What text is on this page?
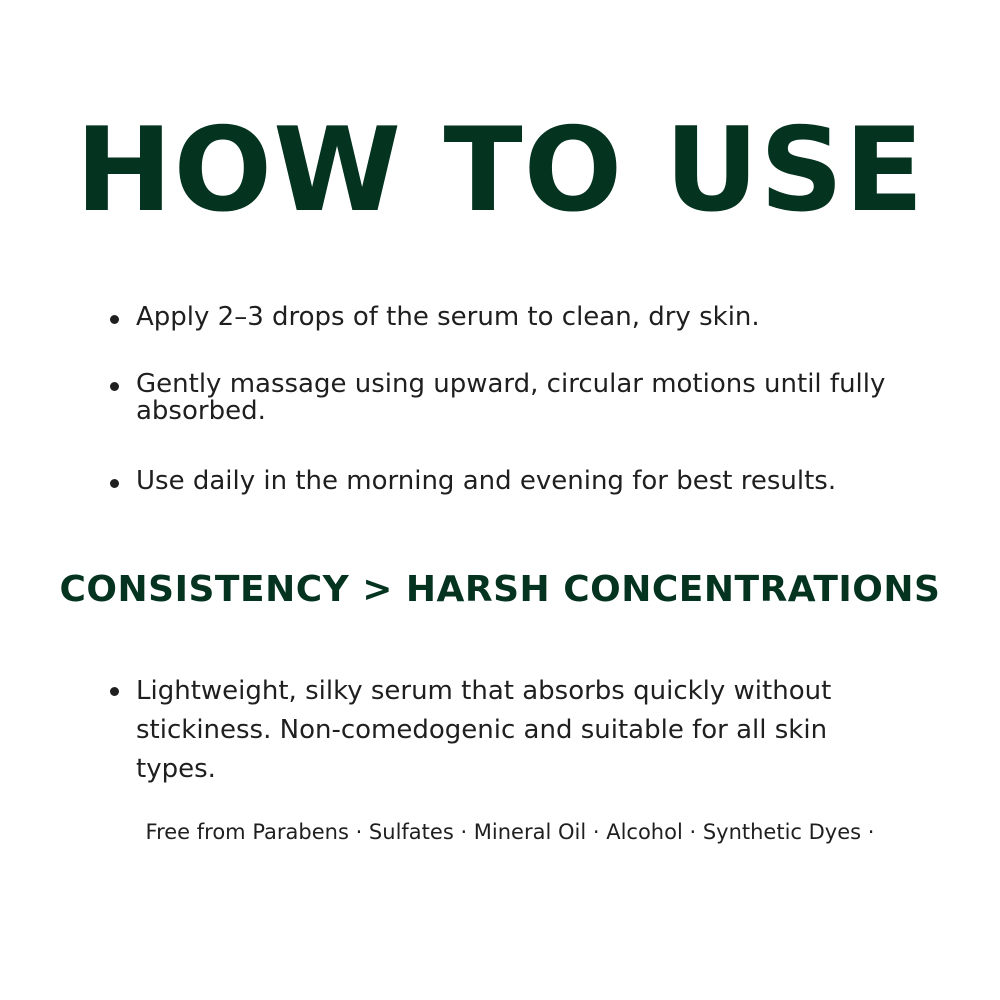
HOW TO USE
Apply 2–3 drops of the serum to clean, dry skin.
Gently massage using upward, circular motions until fully absorbed.
Use daily in the morning and evening for best results.
CONSISTENCY > HARSH CONCENTRATIONS
Lightweight, silky serum that absorbs quickly without stickiness. Non-comedogenic and suitable for all skin types.

Free from Parabens · Sulfates · Mineral Oil · Alcohol · Synthetic Dyes ·
